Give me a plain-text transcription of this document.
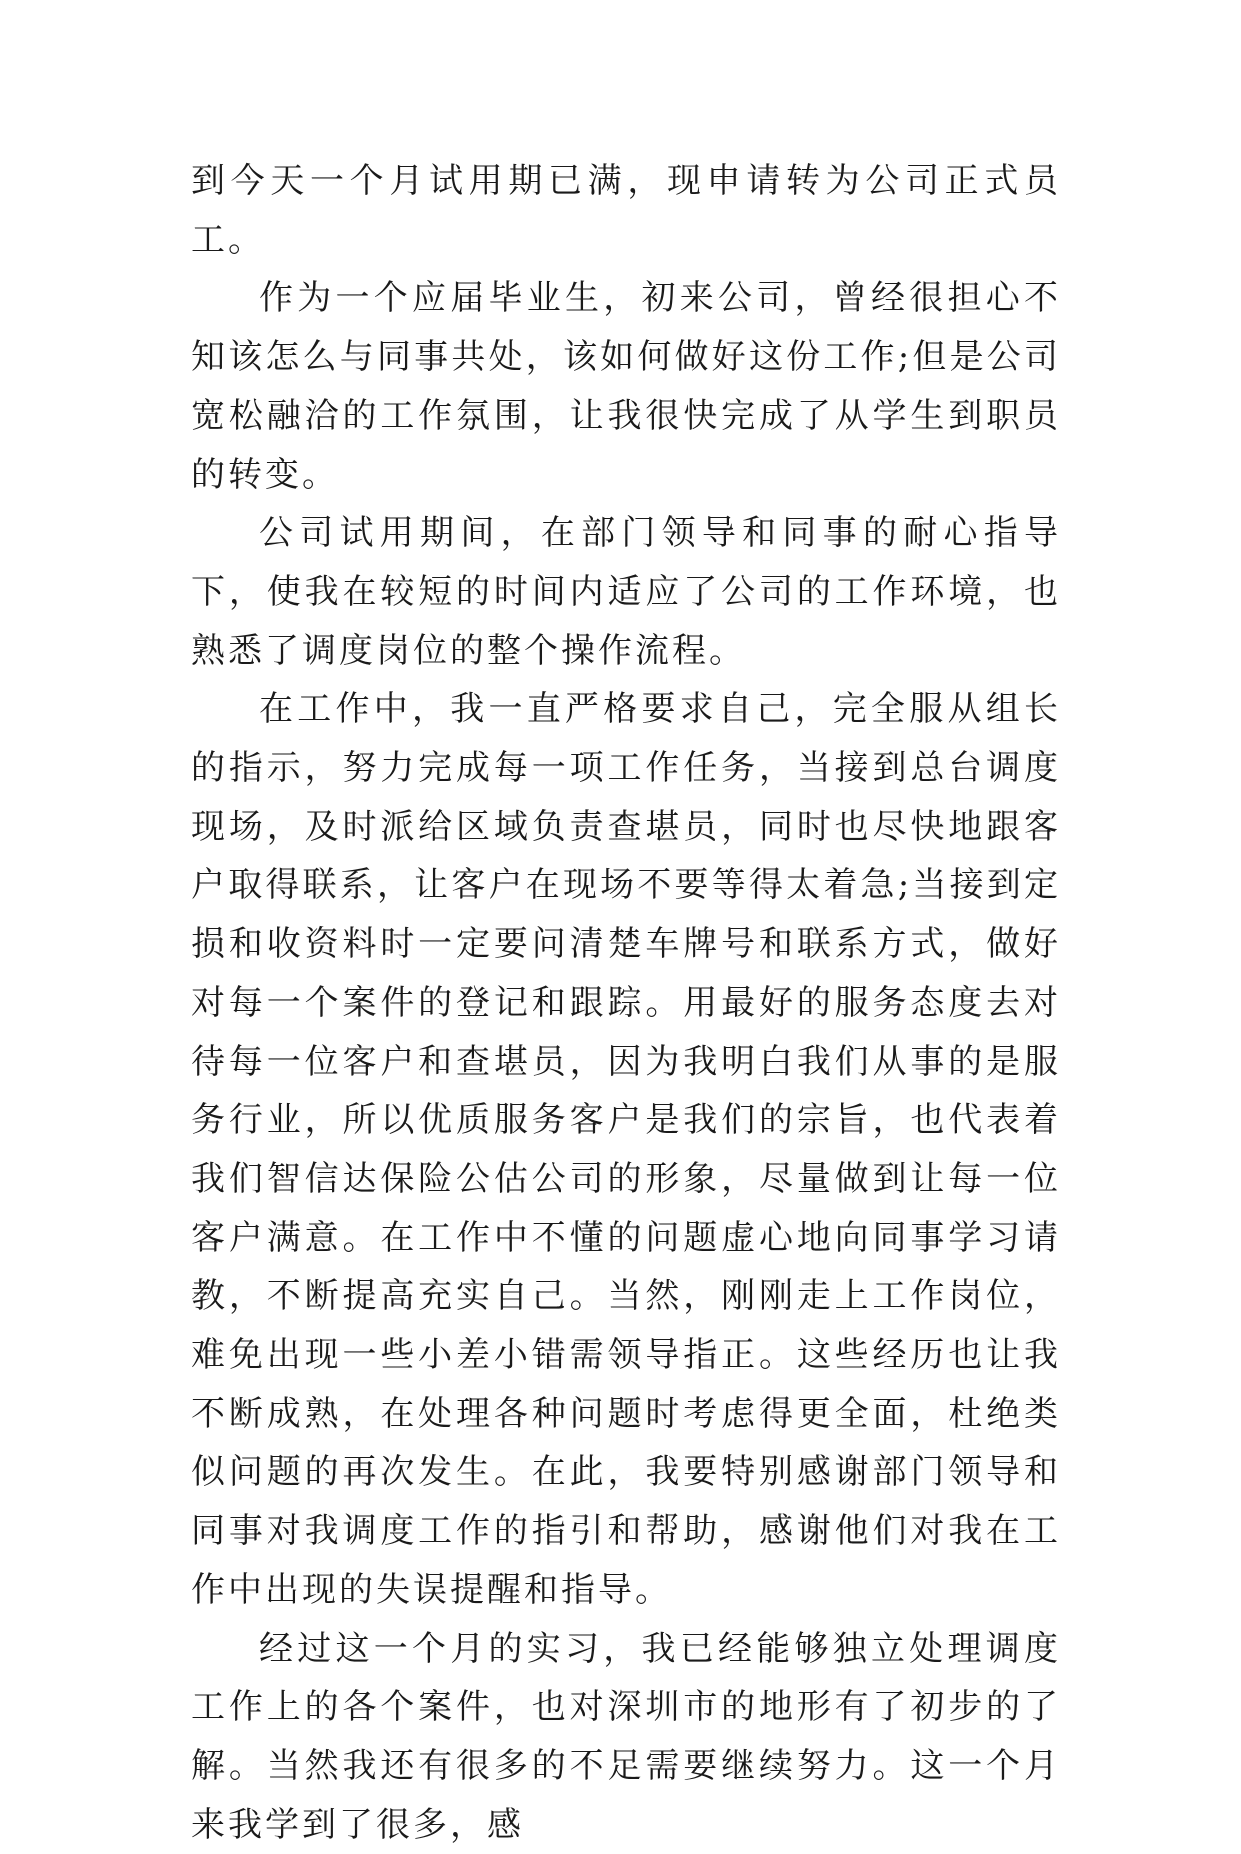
到今天一个月试用期已满，现申请转为公司正式员工。

作为一个应届毕业生，初来公司，曾经很担心不知该怎么与同事共处，该如何做好这份工作;但是公司宽松融洽的工作氛围，让我很快完成了从学生到职员的转变。

公司试用期间，在部门领导和同事的耐心指导下，使我在较短的时间内适应了公司的工作环境，也熟悉了调度岗位的整个操作流程。

在工作中，我一直严格要求自己，完全服从组长的指示，努力完成每一项工作任务，当接到总台调度现场，及时派给区域负责查堪员，同时也尽快地跟客户取得联系，让客户在现场不要等得太着急;当接到定损和收资料时一定要问清楚车牌号和联系方式，做好对每一个案件的登记和跟踪。用最好的服务态度去对待每一位客户和查堪员，因为我明白我们从事的是服务行业，所以优质服务客户是我们的宗旨，也代表着我们智信达保险公估公司的形象，尽量做到让每一位客户满意。在工作中不懂的问题虚心地向同事学习请教，不断提高充实自己。当然，刚刚走上工作岗位，难免出现一些小差小错需领导指正。这些经历也让我不断成熟，在处理各种问题时考虑得更全面，杜绝类似问题的再次发生。在此，我要特别感谢部门领导和同事对我调度工作的指引和帮助，感谢他们对我在工作中出现的失误提醒和指导。

经过这一个月的实习，我已经能够独立处理调度工作上的各个案件，也对深圳市的地形有了初步的了解。当然我还有很多的不足需要继续努力。这一个月来我学到了很多，感
